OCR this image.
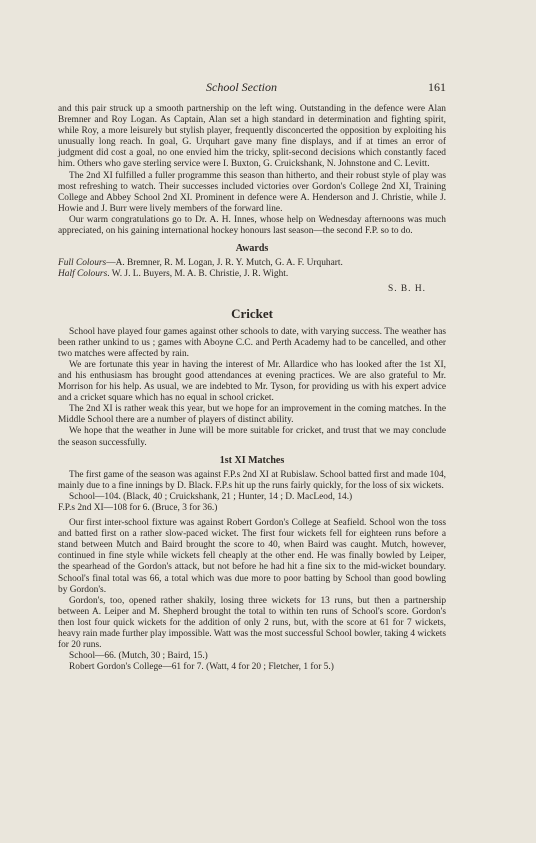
School Section	161

and this pair struck up a smooth partnership on the left wing. Outstanding in the defence were Alan Bremner and Roy Logan. As Captain, Alan set a high standard in determination and fighting spirit, while Roy, a more leisurely but stylish player, frequently disconcerted the opposition by exploiting his unusually long reach. In goal, G. Urquhart gave many fine displays, and if at times an error of judgment did cost a goal, no one envied him the tricky, split-second decisions which constantly faced him. Others who gave sterling service were I. Buxton, G. Cruickshank, N. Johnstone and C. Levitt.

The 2nd XI fulfilled a fuller programme this season than hitherto, and their robust style of play was most refreshing to watch. Their successes included victories over Gordon's College 2nd XI, Training College and Abbey School 2nd XI. Prominent in defence were A. Henderson and J. Christie, while J. Howie and J. Burr were lively members of the forward line.

Our warm congratulations go to Dr. A. H. Innes, whose help on Wednesday afternoons was much appreciated, on his gaining international hockey honours last season—the second F.P. so to do.

Awards

Full Colours—A. Bremner, R. M. Logan, J. R. Y. Mutch, G. A. F. Urquhart.

Half Colours. W. J. L. Buyers, M. A. B. Christie, J. R. Wight.

S. B. H.
Cricket

School have played four games against other schools to date, with varying success. The weather has been rather unkind to us ; games with Aboyne C.C. and Perth Academy had to be cancelled, and other two matches were affected by rain.

We are fortunate this year in having the interest of Mr. Allardice who has looked after the 1st XI, and his enthusiasm has brought good attendances at evening practices. We are also grateful to Mr. Morrison for his help. As usual, we are indebted to Mr. Tyson, for providing us with his expert advice and a cricket square which has no equal in school cricket.

The 2nd XI is rather weak this year, but we hope for an improvement in the coming matches. In the Middle School there are a number of players of distinct ability.

We hope that the weather in June will be more suitable for cricket, and trust that we may conclude the season successfully.

1st XI Matches

The first game of the season was against F.P.s 2nd XI at Rubislaw. School batted first and made 104, mainly due to a fine innings by D. Black. F.P.s hit up the runs fairly quickly, for the loss of six wickets.

School—104. (Black, 40 ; Cruickshank, 21 ; Hunter, 14 ; D. MacLeod, 14.)

F.P.s 2nd XI—108 for 6. (Bruce, 3 for 36.)

Our first inter-school fixture was against Robert Gordon's College at Seafield. School won the toss and batted first on a rather slow-paced wicket. The first four wickets fell for eighteen runs before a stand between Mutch and Baird brought the score to 40, when Baird was caught. Mutch, however, continued in fine style while wickets fell cheaply at the other end. He was finally bowled by Leiper, the spearhead of the Gordon's attack, but not before he had hit a fine six to the mid-wicket boundary. School's final total was 66, a total which was due more to poor batting by School than good bowling by Gordon's.

Gordon's, too, opened rather shakily, losing three wickets for 13 runs, but then a partnership between A. Leiper and M. Shepherd brought the total to within ten runs of School's score. Gordon's then lost four quick wickets for the addition of only 2 runs, but, with the score at 61 for 7 wickets, heavy rain made further play impossible. Watt was the most successful School bowler, taking 4 wickets for 20 runs.

School—66. (Mutch, 30 ; Baird, 15.)

Robert Gordon's College—61 for 7. (Watt, 4 for 20 ; Fletcher, 1 for 5.)
